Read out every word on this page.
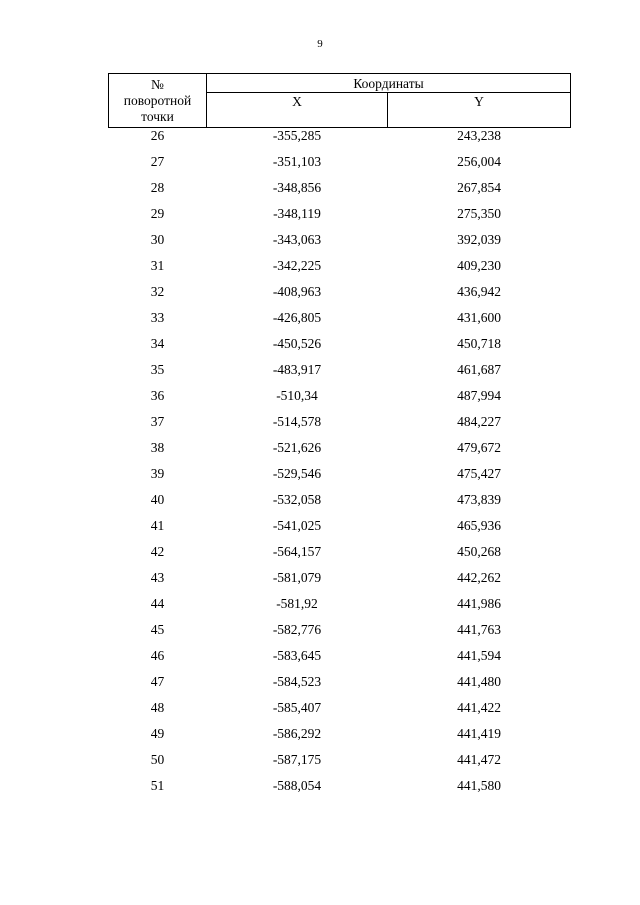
9
№
поворотной
точки	Координаты	
	X	Y
26	-355,285	243,238
27	-351,103	256,004
28	-348,856	267,854
29	-348,119	275,350
30	-343,063	392,039
31	-342,225	409,230
32	-408,963	436,942
33	-426,805	431,600
34	-450,526	450,718
35	-483,917	461,687
36	-510,34	487,994
37	-514,578	484,227
38	-521,626	479,672
39	-529,546	475,427
40	-532,058	473,839
41	-541,025	465,936
42	-564,157	450,268
43	-581,079	442,262
44	-581,92	441,986
45	-582,776	441,763
46	-583,645	441,594
47	-584,523	441,480
48	-585,407	441,422
49	-586,292	441,419
50	-587,175	441,472
51	-588,054	441,580
